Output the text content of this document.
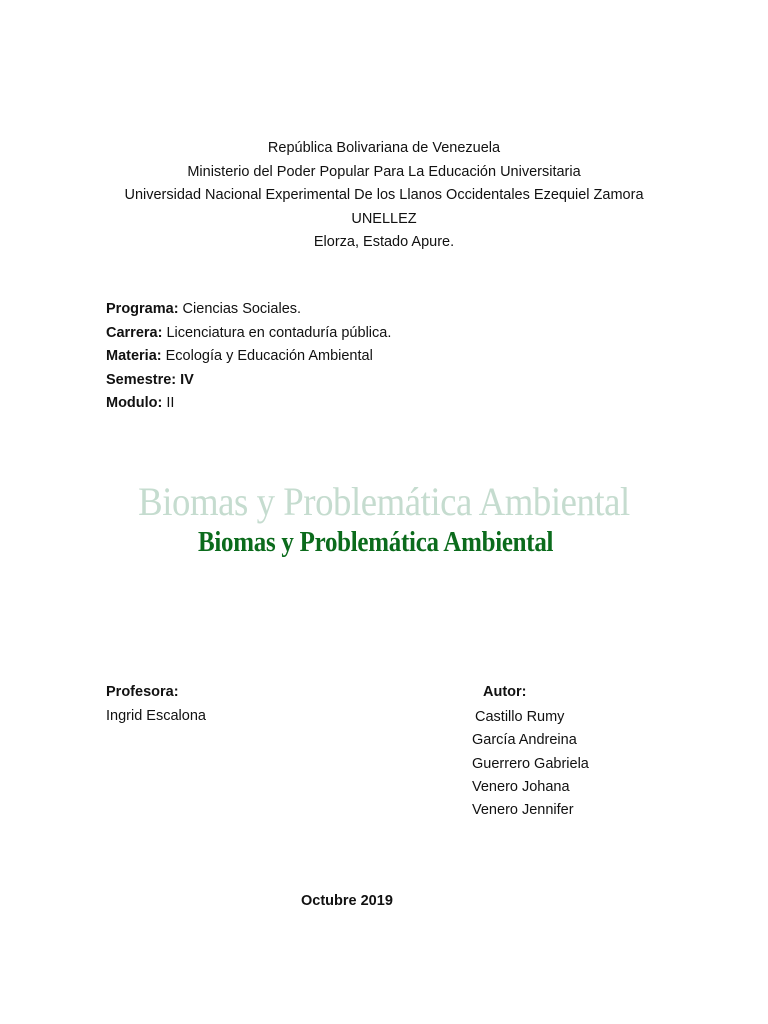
República Bolivariana de Venezuela
Ministerio del Poder Popular Para La Educación Universitaria
Universidad Nacional Experimental De los Llanos Occidentales Ezequiel Zamora
UNELLEZ
Elorza, Estado Apure.
Programa: Ciencias Sociales.
Carrera: Licenciatura en contaduría pública.
Materia: Ecología y Educación Ambiental
Semestre: IV
Modulo: II
Biomas y Problemática Ambiental
Biomas y Problemática Ambiental
Profesora:
Ingrid Escalona
Autor:
Castillo Rumy
García Andreina
Guerrero Gabriela
Venero Johana
Venero Jennifer
Octubre 2019
